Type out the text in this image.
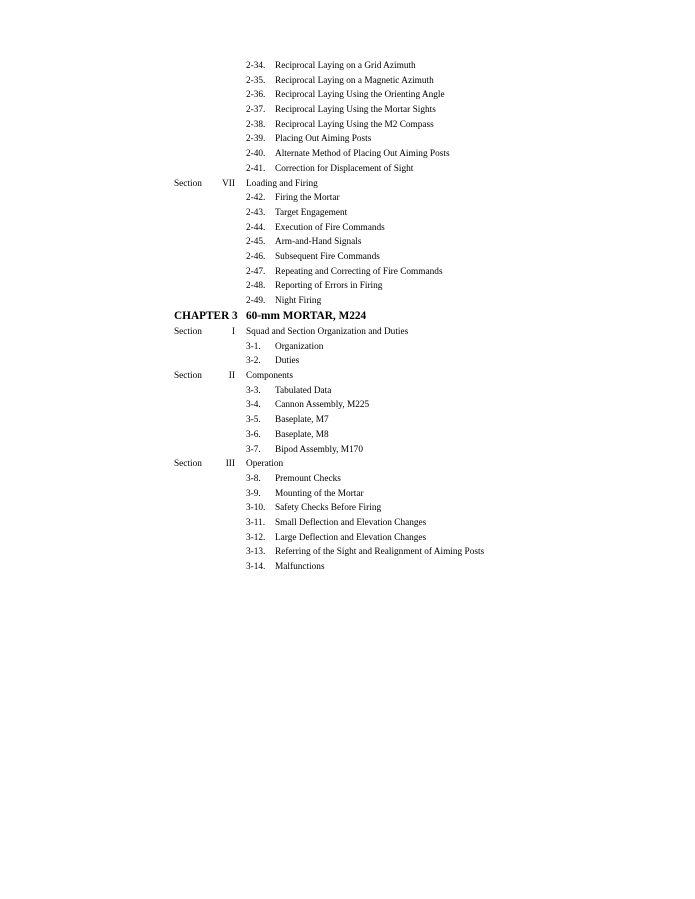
2-34. Reciprocal Laying on a Grid Azimuth
2-35. Reciprocal Laying on a Magnetic Azimuth
2-36. Reciprocal Laying Using the Orienting Angle
2-37. Reciprocal Laying Using the Mortar Sights
2-38. Reciprocal Laying Using the M2 Compass
2-39. Placing Out Aiming Posts
2-40. Alternate Method of Placing Out Aiming Posts
2-41. Correction for Displacement of Sight
Section	VII Loading and Firing
2-42. Firing the Mortar
2-43. Target Engagement
2-44. Execution of Fire Commands
2-45. Arm-and-Hand Signals
2-46. Subsequent Fire Commands
2-47. Repeating and Correcting of Fire Commands
2-48. Reporting of Errors in Firing
2-49. Night Firing
CHAPTER 3 60-mm MORTAR, M224
Section	I Squad and Section Organization and Duties
3-1. Organization
3-2. Duties
Section	II Components
3-3. Tabulated Data
3-4. Cannon Assembly, M225
3-5. Baseplate, M7
3-6. Baseplate, M8
3-7. Bipod Assembly, M170
Section	III Operation
3-8. Premount Checks
3-9. Mounting of the Mortar
3-10. Safety Checks Before Firing
3-11. Small Deflection and Elevation Changes
3-12. Large Deflection and Elevation Changes
3-13. Referring of the Sight and Realignment of Aiming Posts
3-14. Malfunctions
